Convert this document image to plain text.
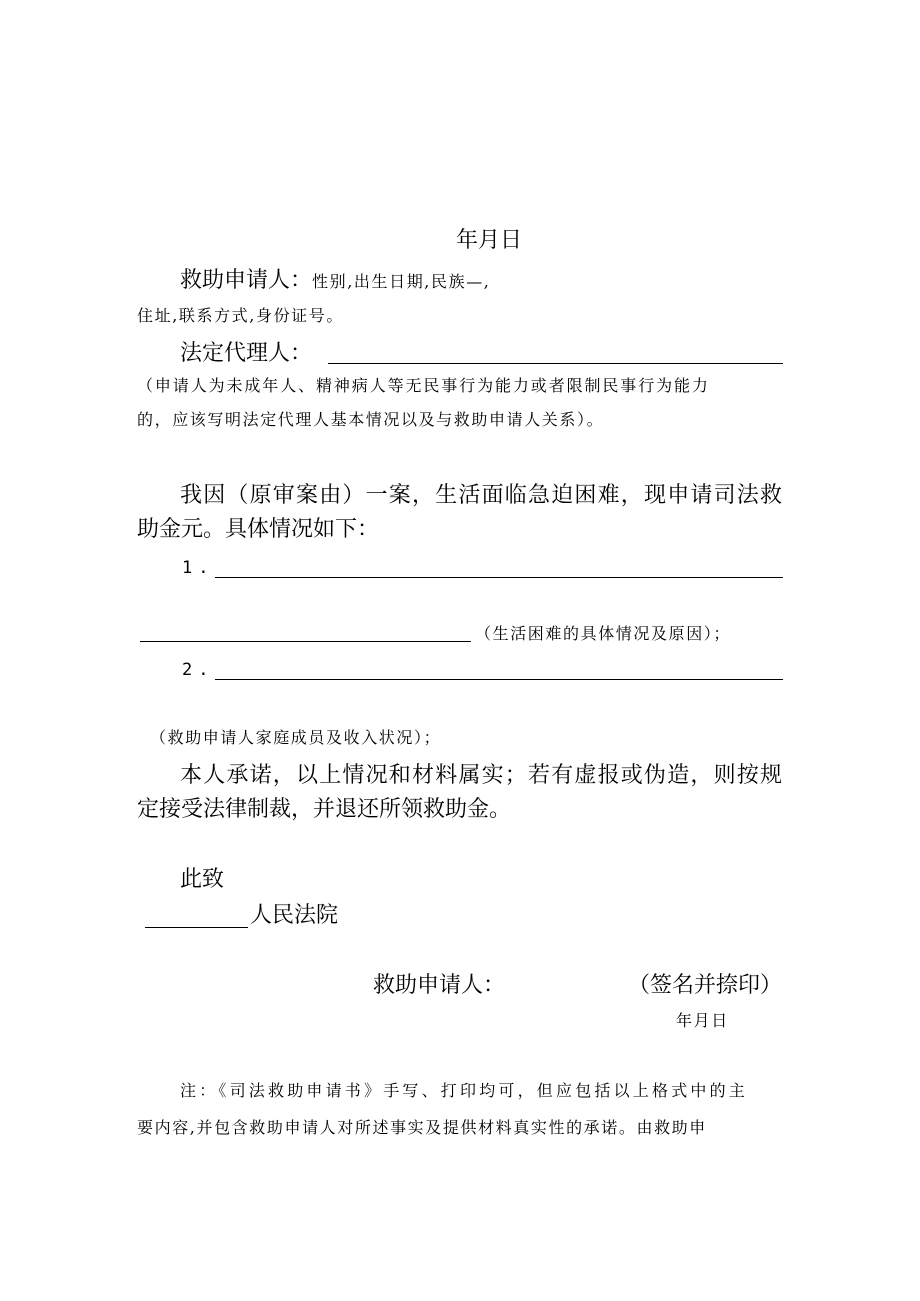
年月日
救助申请人：性别,出生日期,民族—,
住址,联系方式,身份证号。
法定代理人：
（申请人为未成年人、精神病人等无民事行为能力或者限制民事行为能力
的，应该写明法定代理人基本情况以及与救助申请人关系）。
我因（原审案由）一案，生活面临急迫困难，现申请司法救
助金元。具体情况如下：
1.
（生活困难的具体情况及原因）；
2.
（救助申请人家庭成员及收入状况）；
本人承诺，以上情况和材料属实；若有虚报或伪造，则按规
定接受法律制裁，并退还所领救助金。
此致
人民法院
救助申请人：	（签名并捺印）
年月日
注：《司法救助申请书》手写、打印均可，但应包括以上格式中的主
要内容,并包含救助申请人对所述事实及提供材料真实性的承诺。由救助申
